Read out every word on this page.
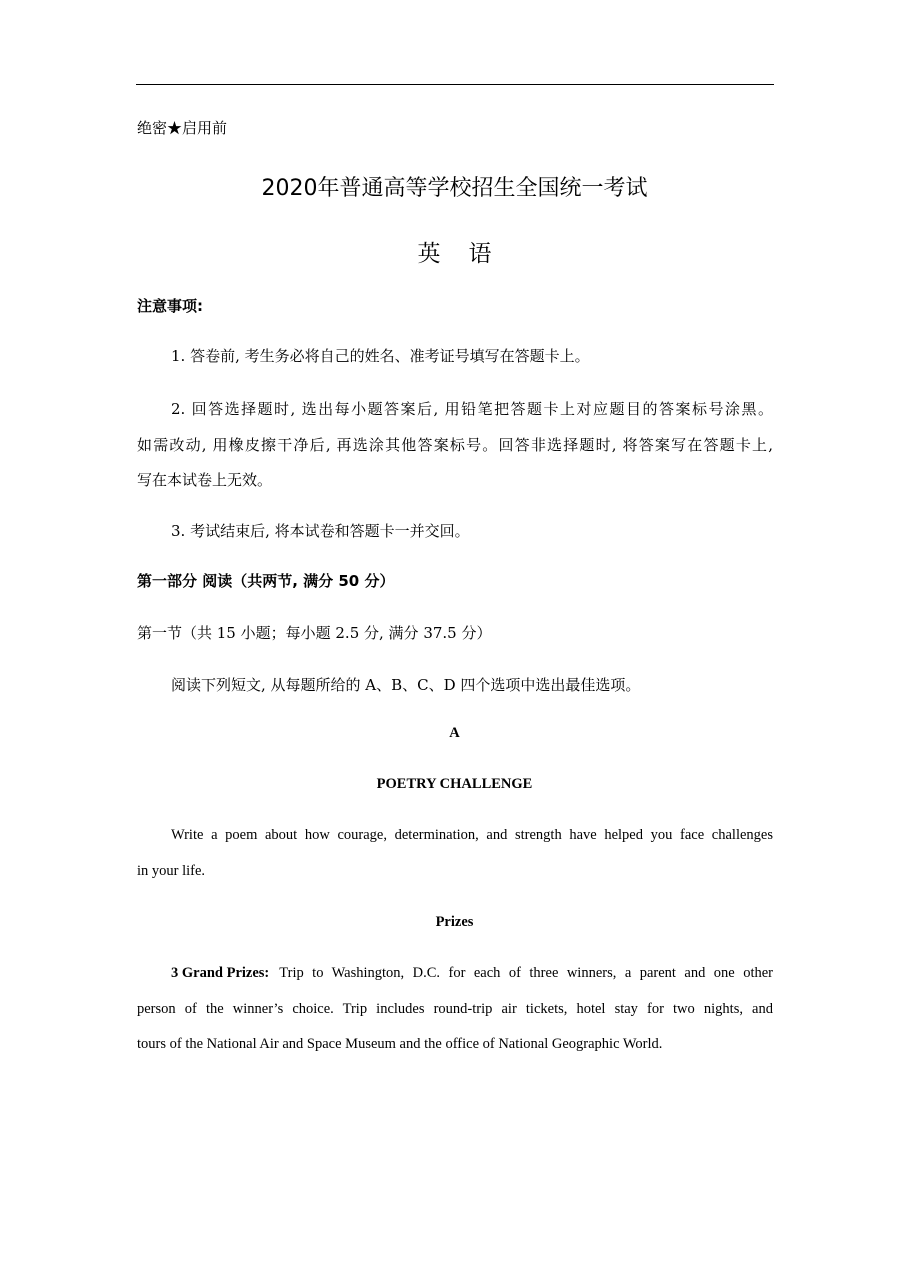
绝密★启用前
2020年普通高等学校招生全国统一考试
英语
注意事项:
1. 答卷前, 考生务必将自己的姓名、准考证号填写在答题卡上。
2. 回答选择题时, 选出每小题答案后, 用铅笔把答题卡上对应题目的答案标号涂黑。
如需改动, 用橡皮擦干净后, 再选涂其他答案标号。回答非选择题时, 将答案写在答题卡上,
写在本试卷上无效。
3. 考试结束后, 将本试卷和答题卡一并交回。
第一部分 阅读（共两节, 满分 50 分）
第一节（共 15 小题；每小题 2.5 分, 满分 37.5 分）
阅读下列短文, 从每题所给的 A、B、C、D 四个选项中选出最佳选项。
A
POETRY CHALLENGE
Write a poem about how courage, determination, and strength have helped you face challenges
in your life.
Prizes
3 Grand Prizes: Trip to Washington, D.C. for each of three winners, a parent and one other
person of the winner’s choice. Trip includes round-trip air tickets, hotel stay for two nights, and
tours of the National Air and Space Museum and the office of National Geographic World.
